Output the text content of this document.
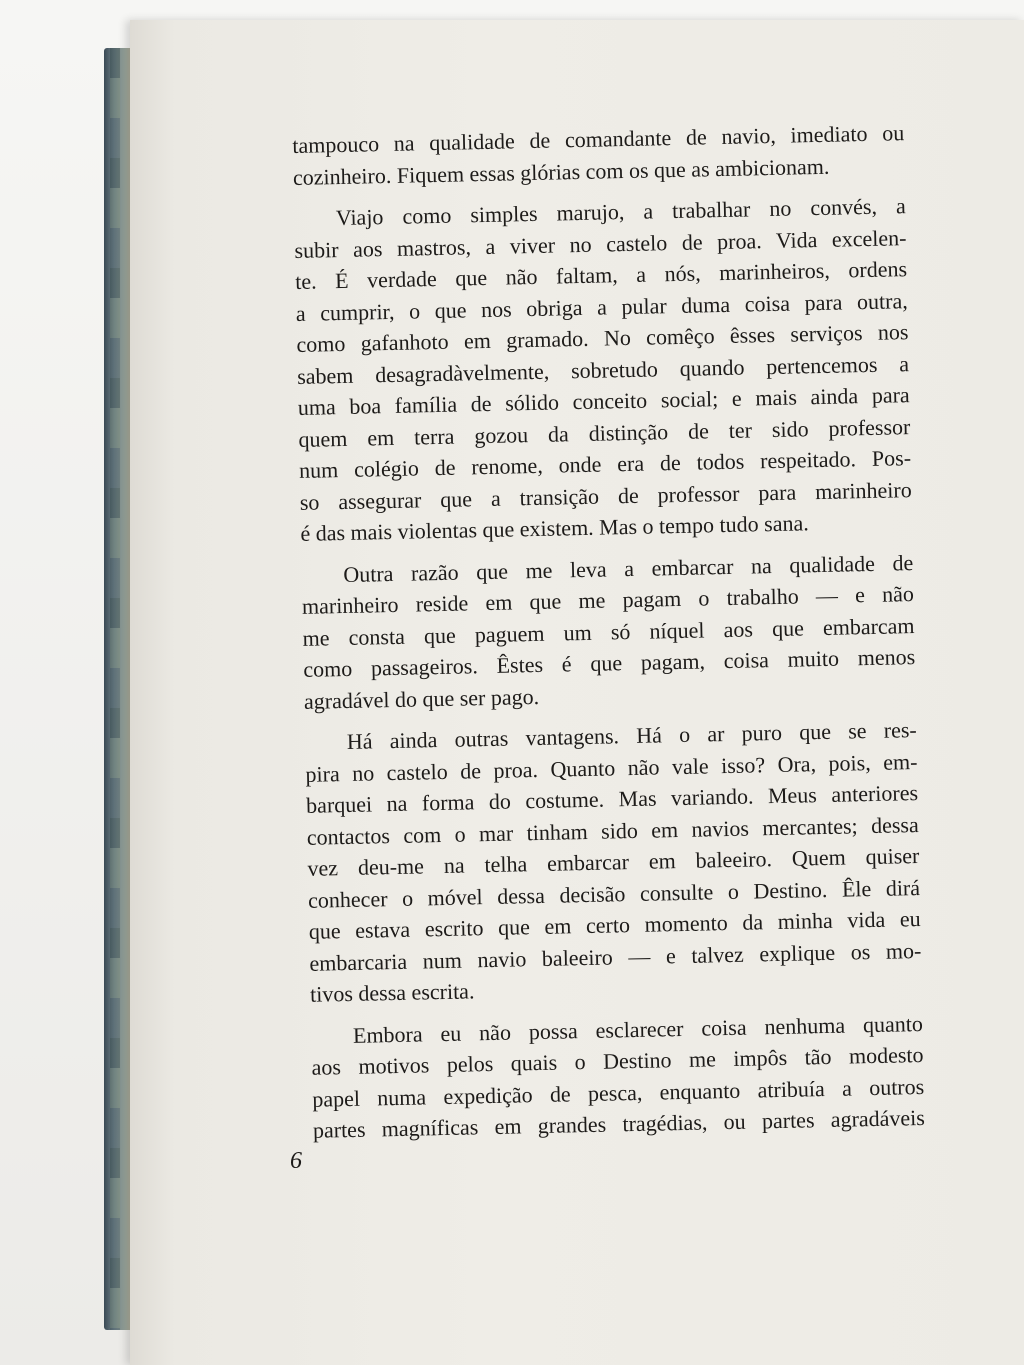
tampouco na qualidade de comandante de navio, imediato ou
cozinheiro. Fiquem essas glórias com os que as ambicionam.

Viajo como simples marujo, a trabalhar no convés, a
subir aos mastros, a viver no castelo de proa. Vida excelen-
te. É verdade que não faltam, a nós, marinheiros, ordens
a cumprir, o que nos obriga a pular duma coisa para outra,
como gafanhoto em gramado. No comêço êsses serviços nos
sabem desagradàvelmente, sobretudo quando pertencemos a
uma boa família de sólido conceito social; e mais ainda para
quem em terra gozou da distinção de ter sido professor
num colégio de renome, onde era de todos respeitado. Pos-
so assegurar que a transição de professor para marinheiro
é das mais violentas que existem. Mas o tempo tudo sana.

Outra razão que me leva a embarcar na qualidade de
marinheiro reside em que me pagam o trabalho — e não
me consta que paguem um só níquel aos que embarcam
como passageiros. Êstes é que pagam, coisa muito menos
agradável do que ser pago.

Há ainda outras vantagens. Há o ar puro que se res-
pira no castelo de proa. Quanto não vale isso? Ora, pois, em-
barquei na forma do costume. Mas variando. Meus anteriores
contactos com o mar tinham sido em navios mercantes; dessa
vez deu-me na telha embarcar em baleeiro. Quem quiser
conhecer o móvel dessa decisão consulte o Destino. Êle dirá
que estava escrito que em certo momento da minha vida eu
embarcaria num navio baleeiro — e talvez explique os mo-
tivos dessa escrita.

Embora eu não possa esclarecer coisa nenhuma quanto
aos motivos pelos quais o Destino me impôs tão modesto
papel numa expedição de pesca, enquanto atribuía a outros
partes magníficas em grandes tragédias, ou partes agradáveis

6
